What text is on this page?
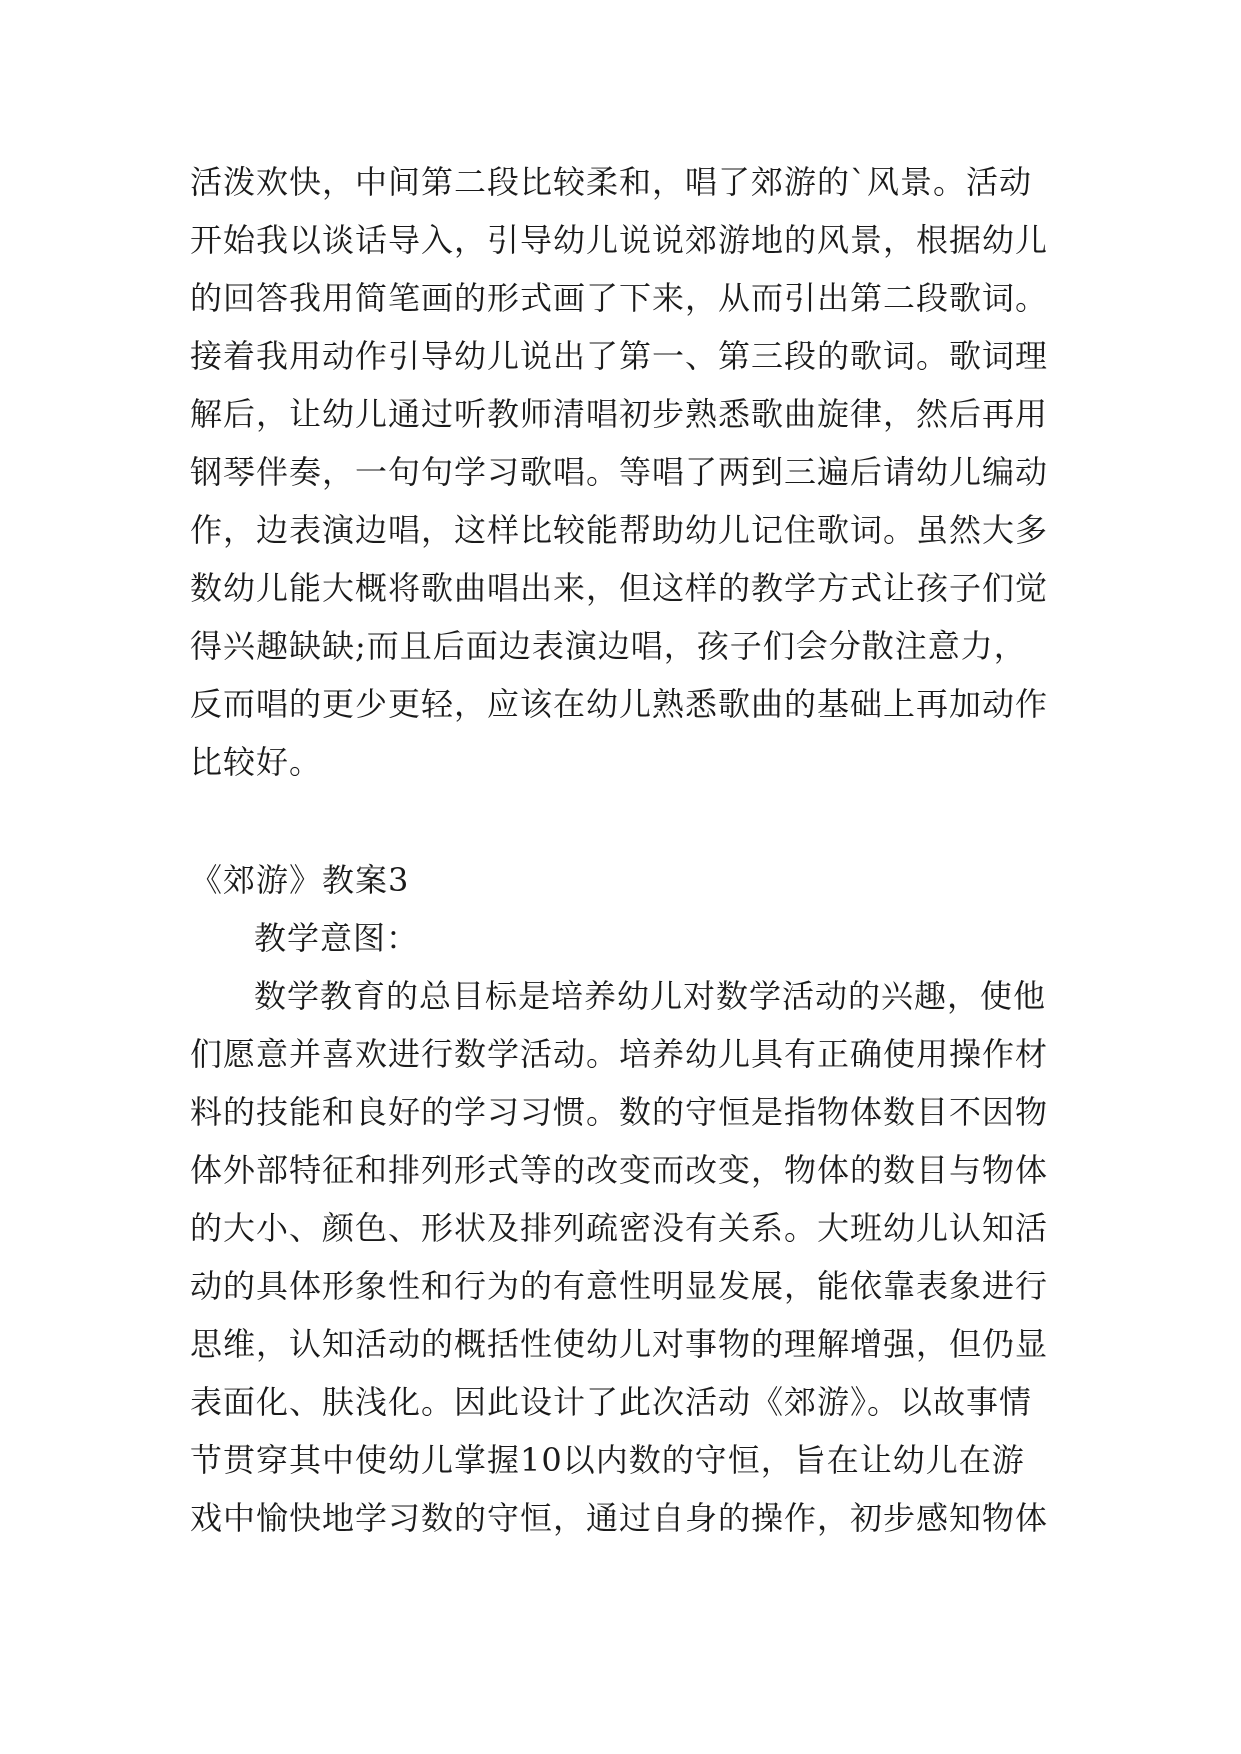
活泼欢快，中间第二段比较柔和，唱了郊游的`风景。活动
开始我以谈话导入，引导幼儿说说郊游地的风景，根据幼儿
的回答我用简笔画的形式画了下来，从而引出第二段歌词。
接着我用动作引导幼儿说出了第一、第三段的歌词。歌词理
解后，让幼儿通过听教师清唱初步熟悉歌曲旋律，然后再用
钢琴伴奏，一句句学习歌唱。等唱了两到三遍后请幼儿编动
作，边表演边唱，这样比较能帮助幼儿记住歌词。虽然大多
数幼儿能大概将歌曲唱出来，但这样的教学方式让孩子们觉
得兴趣缺缺;而且后面边表演边唱，孩子们会分散注意力，
反而唱的更少更轻，应该在幼儿熟悉歌曲的基础上再加动作
比较好。
《郊游》教案3
教学意图：
数学教育的总目标是培养幼儿对数学活动的兴趣，使他
们愿意并喜欢进行数学活动。培养幼儿具有正确使用操作材
料的技能和良好的学习习惯。数的守恒是指物体数目不因物
体外部特征和排列形式等的改变而改变，物体的数目与物体
的大小、颜色、形状及排列疏密没有关系。大班幼儿认知活
动的具体形象性和行为的有意性明显发展，能依靠表象进行
思维，认知活动的概括性使幼儿对事物的理解增强，但仍显
表面化、肤浅化。因此设计了此次活动《郊游》。以故事情
节贯穿其中使幼儿掌握10以内数的守恒，旨在让幼儿在游
戏中愉快地学习数的守恒，通过自身的操作，初步感知物体
